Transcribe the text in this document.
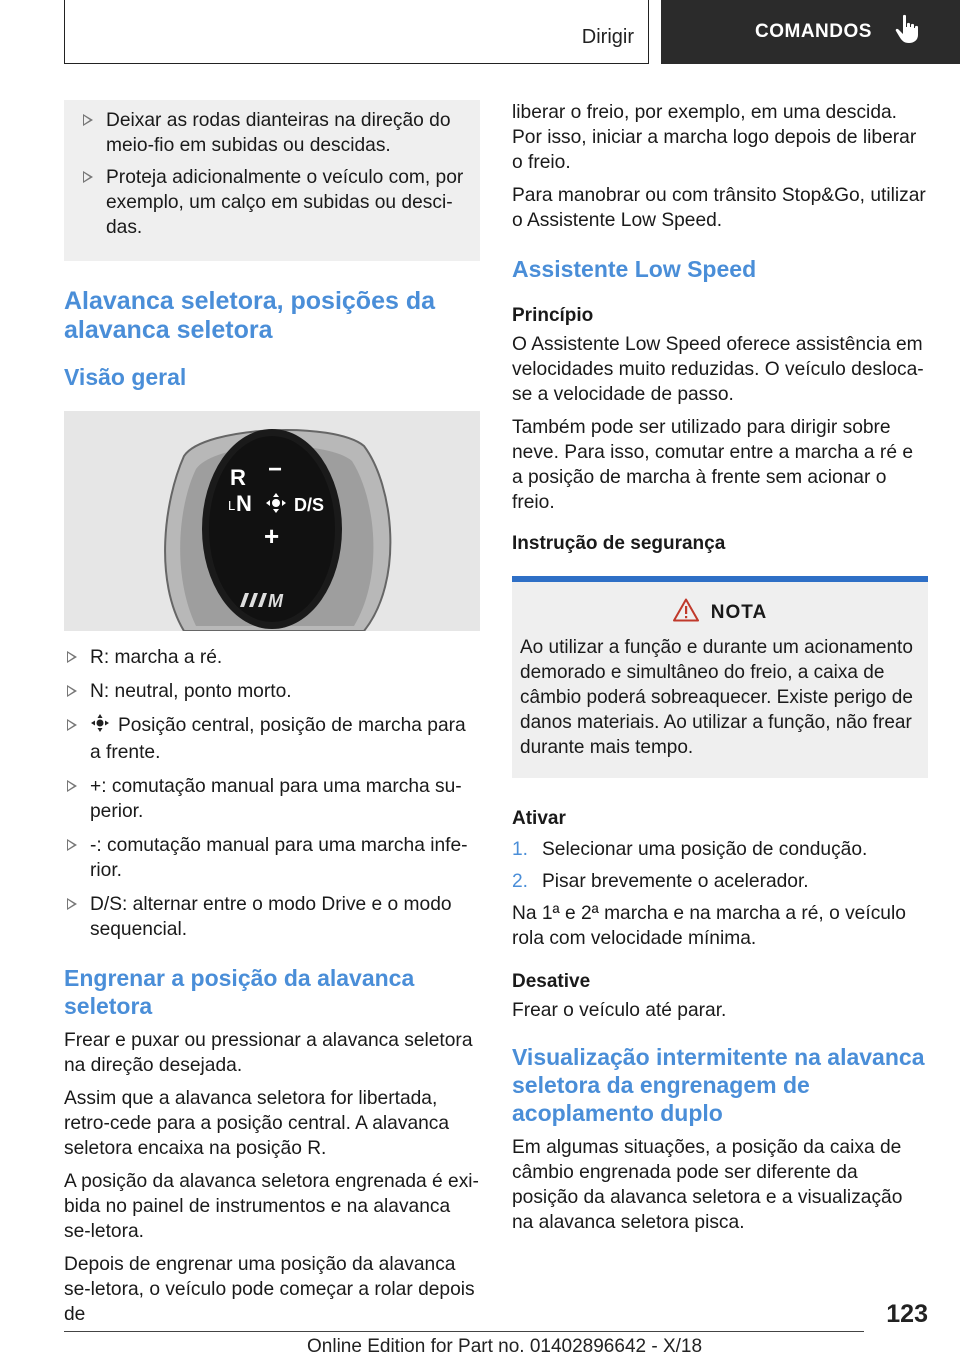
Dirigir	COMANDOS
Deixar as rodas dianteiras na direção do meio-fio em subidas ou descidas.
Proteja adicionalmente o veículo com, por exemplo, um calço em subidas ou desci-das.
Alavanca seletora, posições da alavanca seletora
Visão geral
R −
L N D/S
+
M
R: marcha a ré.
N: neutral, ponto morto.
Posição central, posição de marcha para a frente.
+: comutação manual para uma marcha su-perior.
-: comutação manual para uma marcha infe-rior.
D/S: alternar entre o modo Drive e o modo sequencial.
Engrenar a posição da alavanca seletora

Frear e puxar ou pressionar a alavanca seletora na direção desejada.

Assim que a alavanca seletora for libertada, retro-cede para a posição central. A alavanca seletora encaixa na posição R.

A posição da alavanca seletora engrenada é exi-bida no painel de instrumentos e na alavanca se-letora.

Depois de engrenar uma posição da alavanca se-letora, o veículo pode começar a rolar depois de

liberar o freio, por exemplo, em uma descida. Por isso, iniciar a marcha logo depois de liberar o freio.

Para manobrar ou com trânsito Stop&Go, utilizar o Assistente Low Speed.

Assistente Low Speed
Princípio

O Assistente Low Speed oferece assistência em velocidades muito reduzidas. O veículo desloca-se a velocidade de passo.

Também pode ser utilizado para dirigir sobre neve. Para isso, comutar entre a marcha a ré e a posição de marcha à frente sem acionar o freio.

Instrução de segurança
NOTA

Ao utilizar a função e durante um acionamento demorado e simultâneo do freio, a caixa de câmbio poderá sobreaquecer. Existe perigo de danos materiais. Ao utilizar a função, não frear durante mais tempo.

Ativar
1. Selecionar uma posição de condução.
2. Pisar brevemente o acelerador.

Na 1ª e 2ª marcha e na marcha a ré, o veículo rola com velocidade mínima.

Desative

Frear o veículo até parar.

Visualização intermitente na alavanca seletora da engrenagem de acoplamento duplo

Em algumas situações, a posição da caixa de câmbio engrenada pode ser diferente da posição da alavanca seletora e a visualização na alavanca seletora pisca.

123
Online Edition for Part no. 01402896642 - X/18
